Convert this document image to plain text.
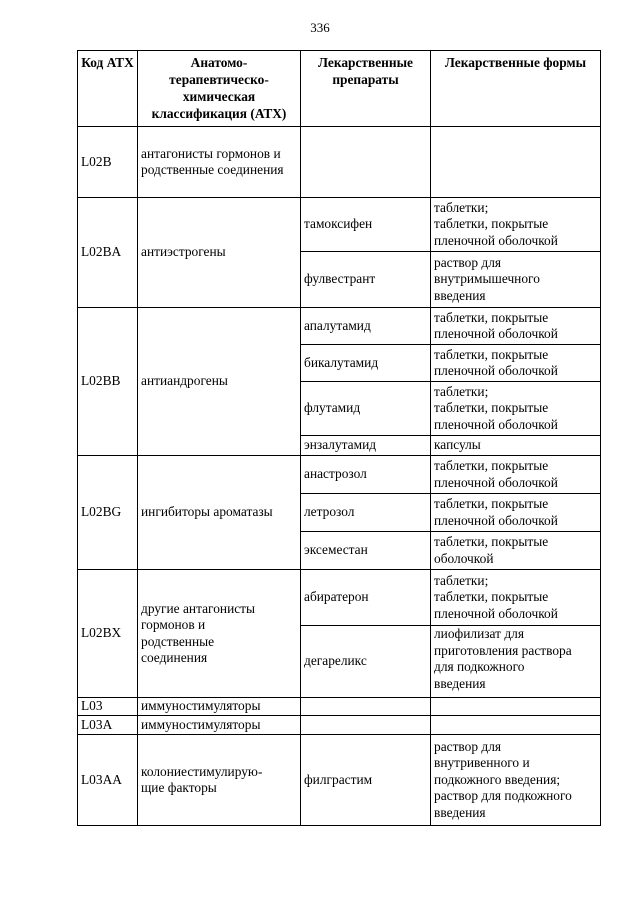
336
Код АТХ	Анатомо-терапевтическо-химическая классификация (АТХ)	Лекарственные препараты	Лекарственные формы
L02B	антагонисты гормонов и родственные соединения		
L02BA	антиэстрогены	тамоксифен	таблетки;
таблетки, покрытые
пленочной оболочкой
		фулвестрант	раствор для
внутримышечного
введения
L02BB	антиандрогены	апалутамид	таблетки, покрытые
пленочной оболочкой
		бикалутамид	таблетки, покрытые
пленочной оболочкой
		флутамид	таблетки;
таблетки, покрытые
пленочной оболочкой
		энзалутамид	капсулы
L02BG	ингибиторы ароматазы	анастрозол	таблетки, покрытые
пленочной оболочкой
		летрозол	таблетки, покрытые
пленочной оболочкой
		эксеместан	таблетки, покрытые
оболочкой
L02BX	другие антагонисты
гормонов и
родственные
соединения	абиратерон	таблетки;
таблетки, покрытые
пленочной оболочкой
		дегареликс	лиофилизат для
приготовления раствора
для подкожного
введения
L03	иммуностимуляторы		
L03A	иммуностимуляторы		
L03AA	колониестимулирую-
щие факторы	филграстим	раствор для
внутривенного и
подкожного введения;
раствор для подкожного
введения
